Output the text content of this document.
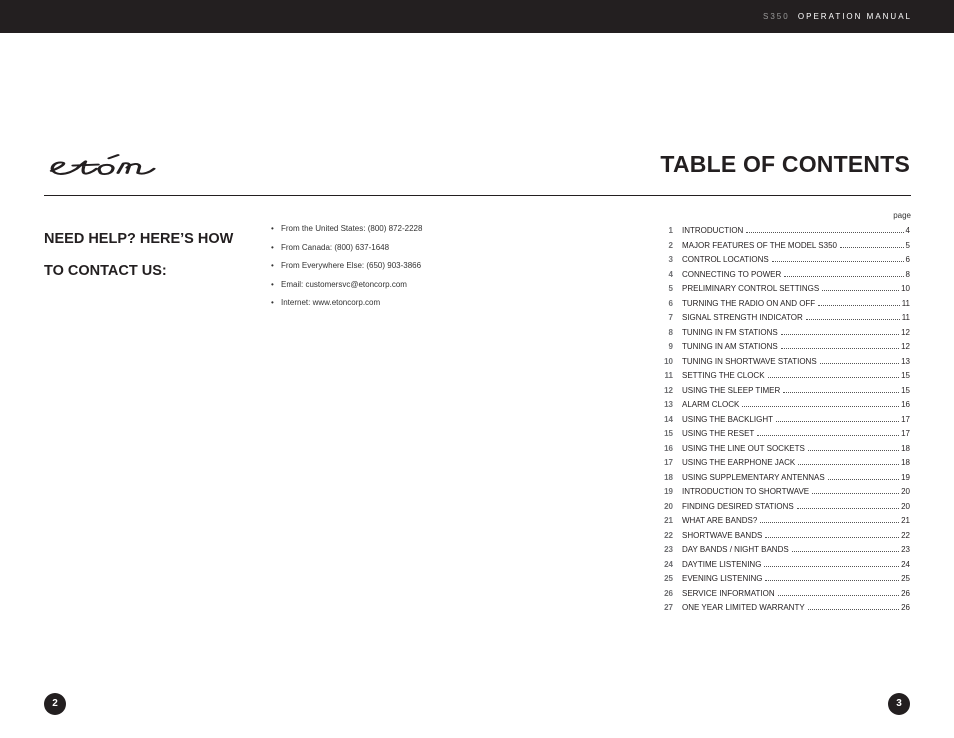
S350 OPERATION MANUAL
TABLE OF CONTENTS
NEED HELP? HERE’S HOW
TO CONTACT US:
• From the United States: (800) 872-2228
• From Canada: (800) 637-1648
• From Everywhere Else: (650) 903-3866
• Email: customersvc@etoncorp.com
• Internet: www.etoncorp.com
page
1 INTRODUCTION	4
2 MAJOR FEATURES OF THE MODEL S350	5
3 CONTROL LOCATIONS	6
4 CONNECTING TO POWER	8
5 PRELIMINARY CONTROL SETTINGS	10
6 TURNING THE RADIO ON AND OFF	11
7 SIGNAL STRENGTH INDICATOR	11
8 TUNING IN FM STATIONS	12
9 TUNING IN AM STATIONS	12
10 TUNING IN SHORTWAVE STATIONS	13
11 SETTING THE CLOCK	15
12 USING THE SLEEP TIMER	15
13 ALARM CLOCK	16
14 USING THE BACKLIGHT	17
15 USING THE RESET	17
16 USING THE LINE OUT SOCKETS	18
17 USING THE EARPHONE JACK	18
18 USING SUPPLEMENTARY ANTENNAS	19
19 INTRODUCTION TO SHORTWAVE	20
20 FINDING DESIRED STATIONS	20
21 WHAT ARE BANDS?	21
22 SHORTWAVE BANDS	22
23 DAY BANDS / NIGHT BANDS	23
24 DAYTIME LISTENING	24
25 EVENING LISTENING	25
26 SERVICE INFORMATION	26
27 ONE YEAR LIMITED WARRANTY	26
2	3
